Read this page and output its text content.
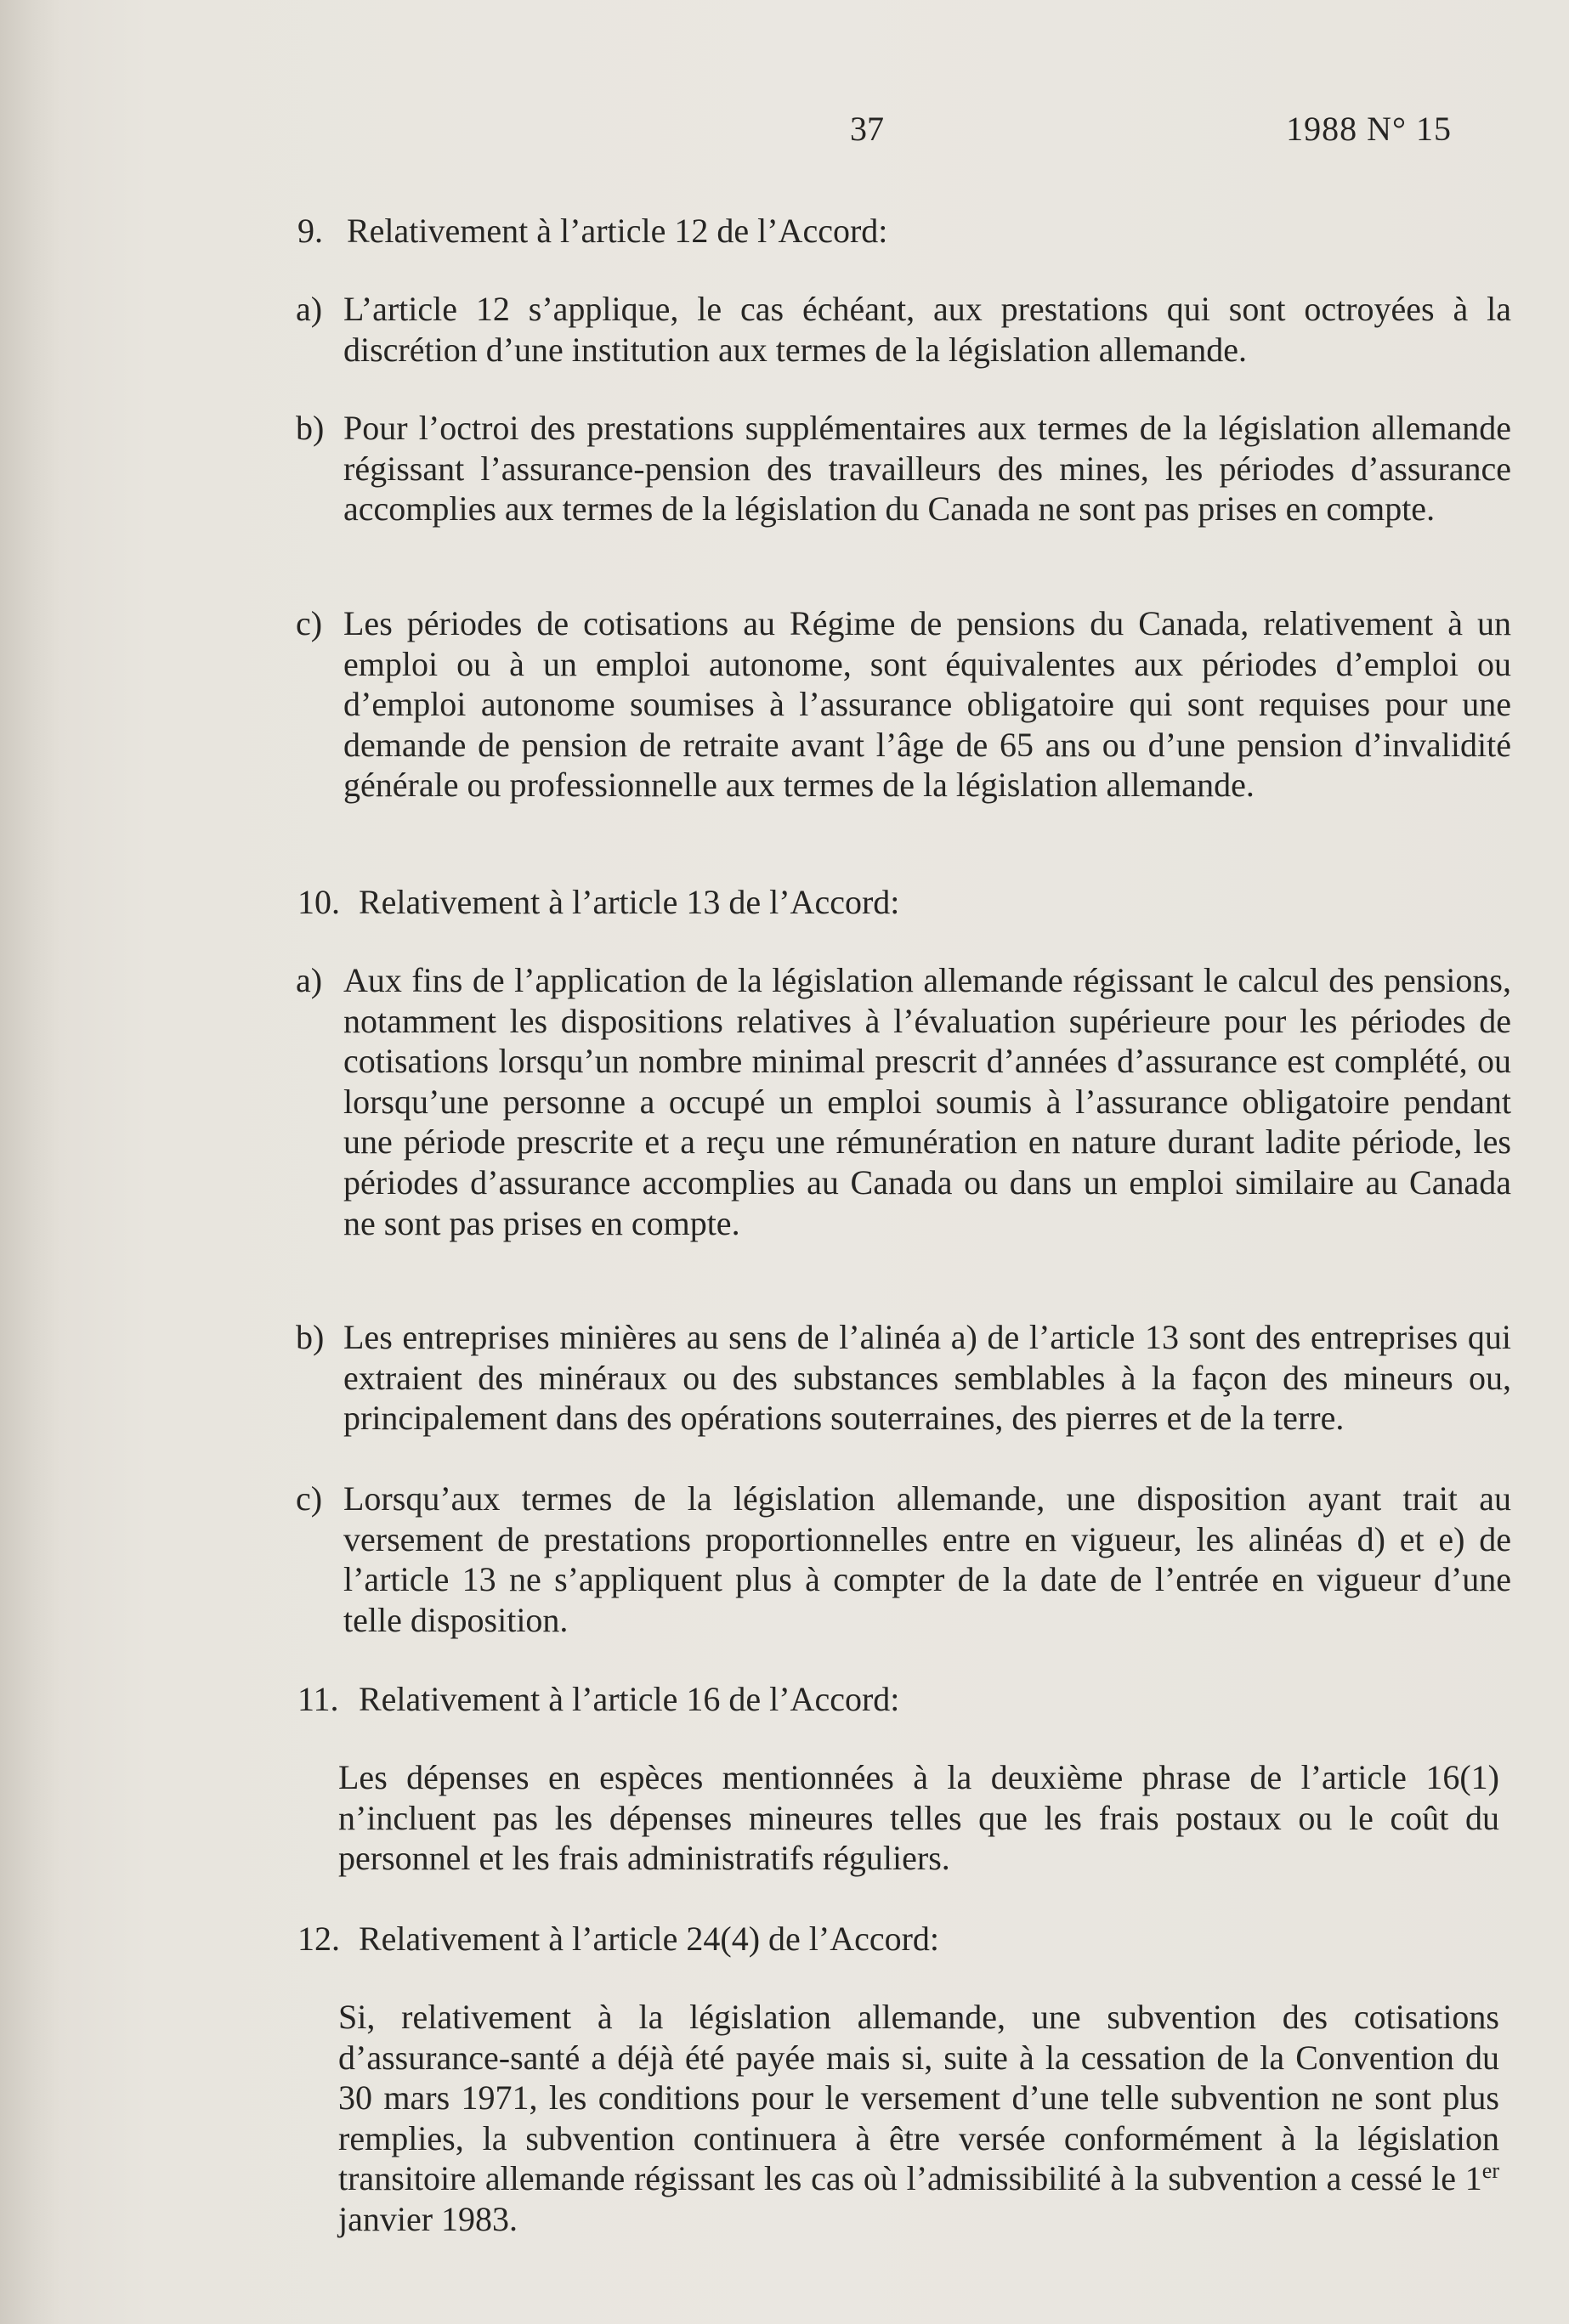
37	1988 N° 15
9. Relativement à l’article 12 de l’Accord:
a) L’article 12 s’applique, le cas échéant, aux prestations qui sont octroyées à la discrétion d’une institution aux termes de la législation allemande.
b) Pour l’octroi des prestations supplémentaires aux termes de la législation allemande régissant l’assurance-pension des travailleurs des mines, les périodes d’assurance accomplies aux termes de la législation du Canada ne sont pas prises en compte.
c) Les périodes de cotisations au Régime de pensions du Canada, relativement à un emploi ou à un emploi autonome, sont équivalentes aux périodes d’emploi ou d’emploi autonome soumises à l’assurance obligatoire qui sont requises pour une demande de pension de retraite avant l’âge de 65 ans ou d’une pension d’invalidité générale ou professionnelle aux termes de la législation allemande.
10. Relativement à l’article 13 de l’Accord:
a) Aux fins de l’application de la législation allemande régissant le calcul des pensions, notamment les dispositions relatives à l’évaluation supérieure pour les périodes de cotisations lorsqu’un nombre minimal prescrit d’années d’assurance est complété, ou lorsqu’une personne a occupé un emploi soumis à l’assurance obligatoire pendant une période prescrite et a reçu une rémunération en nature durant ladite période, les périodes d’assurance accomplies au Canada ou dans un emploi similaire au Canada ne sont pas prises en compte.
b) Les entreprises minières au sens de l’alinéa a) de l’article 13 sont des entreprises qui extraient des minéraux ou des substances semblables à la façon des mineurs ou, principalement dans des opérations souterraines, des pierres et de la terre.
c) Lorsqu’aux termes de la législation allemande, une disposition ayant trait au versement de prestations proportionnelles entre en vigueur, les alinéas d) et e) de l’article 13 ne s’appliquent plus à compter de la date de l’entrée en vigueur d’une telle disposition.
11. Relativement à l’article 16 de l’Accord:
Les dépenses en espèces mentionnées à la deuxième phrase de l’article 16(1) n’incluent pas les dépenses mineures telles que les frais postaux ou le coût du personnel et les frais administratifs réguliers.
12. Relativement à l’article 24(4) de l’Accord:
Si, relativement à la législation allemande, une subvention des cotisations d’assurance-santé a déjà été payée mais si, suite à la cessation de la Convention du 30 mars 1971, les conditions pour le versement d’une telle subvention ne sont plus remplies, la subvention continuera à être versée conformément à la législation transitoire allemande régissant les cas où l’admissibilité à la subvention a cessé le 1er janvier 1983.
